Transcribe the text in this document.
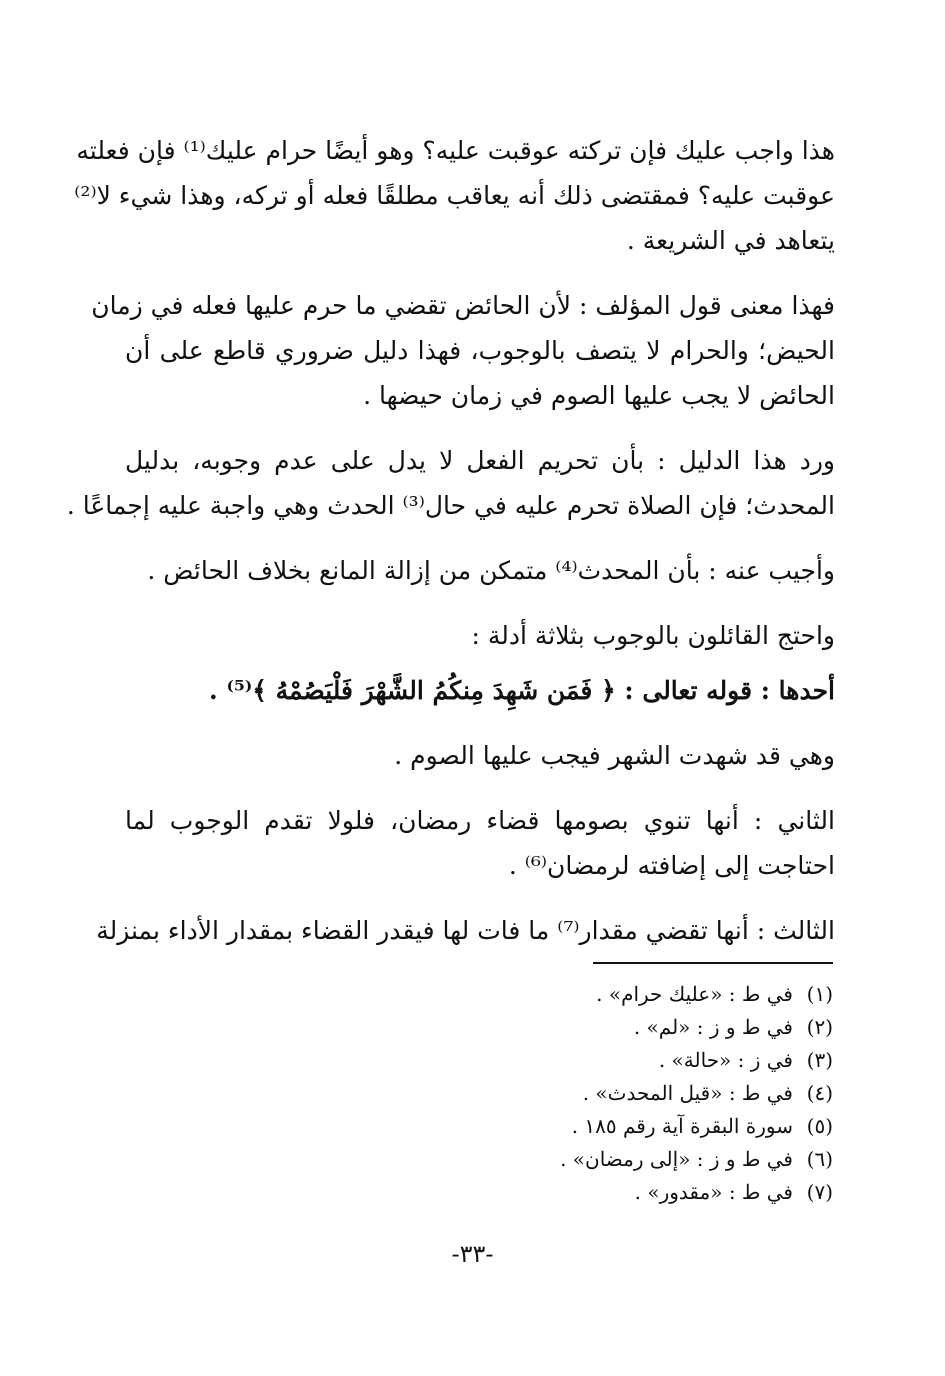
هذا واجب عليك فإن تركته عوقبت عليه؟ وهو أيضًا حرام عليك⁽¹⁾ فإن فعلته
عوقبت عليه؟ فمقتضى ذلك أنه يعاقب مطلقًا فعله أو تركه، وهذا شيء لا⁽²⁾
يتعاهد في الشريعة .

فهذا معنى قول المؤلف : لأن الحائض تقضي ما حرم عليها فعله في زمان
الحيض؛ والحرام لا يتصف بالوجوب، فهذا دليل ضروري قاطع على أن
الحائض لا يجب عليها الصوم في زمان حيضها .

ورد هذا الدليل : بأن تحريم الفعل لا يدل على عدم وجوبه، بدليل
المحدث؛ فإن الصلاة تحرم عليه في حال⁽³⁾ الحدث وهي واجبة عليه إجماعًا .

وأجيب عنه : بأن المحدث⁽⁴⁾ متمكن من إزالة المانع بخلاف الحائض .

واحتج القائلون بالوجوب بثلاثة أدلة :

أحدها : قوله تعالى : ﴿ فَمَن شَهِدَ مِنكُمُ الشَّهْرَ فَلْيَصُمْهُ ﴾⁽⁵⁾ .

وهي قد شهدت الشهر فيجب عليها الصوم .

الثاني : أنها تنوي بصومها قضاء رمضان، فلولا تقدم الوجوب لما
احتاجت إلى إضافته لرمضان⁽⁶⁾ .

الثالث : أنها تقضي مقدار⁽⁷⁾ ما فات لها فيقدر القضاء بمقدار الأداء بمنزلة

(١)في ط : «عليك حرام» .
(٢)في ط و ز : «لم» .
(٣)في ز : «حالة» .
(٤)في ط : «قيل المحدث» .
(٥)سورة البقرة آية رقم ١٨٥ .
(٦)في ط و ز : «إلى رمضان» .
(٧)في ط : «مقدور» .
-٣٣-
